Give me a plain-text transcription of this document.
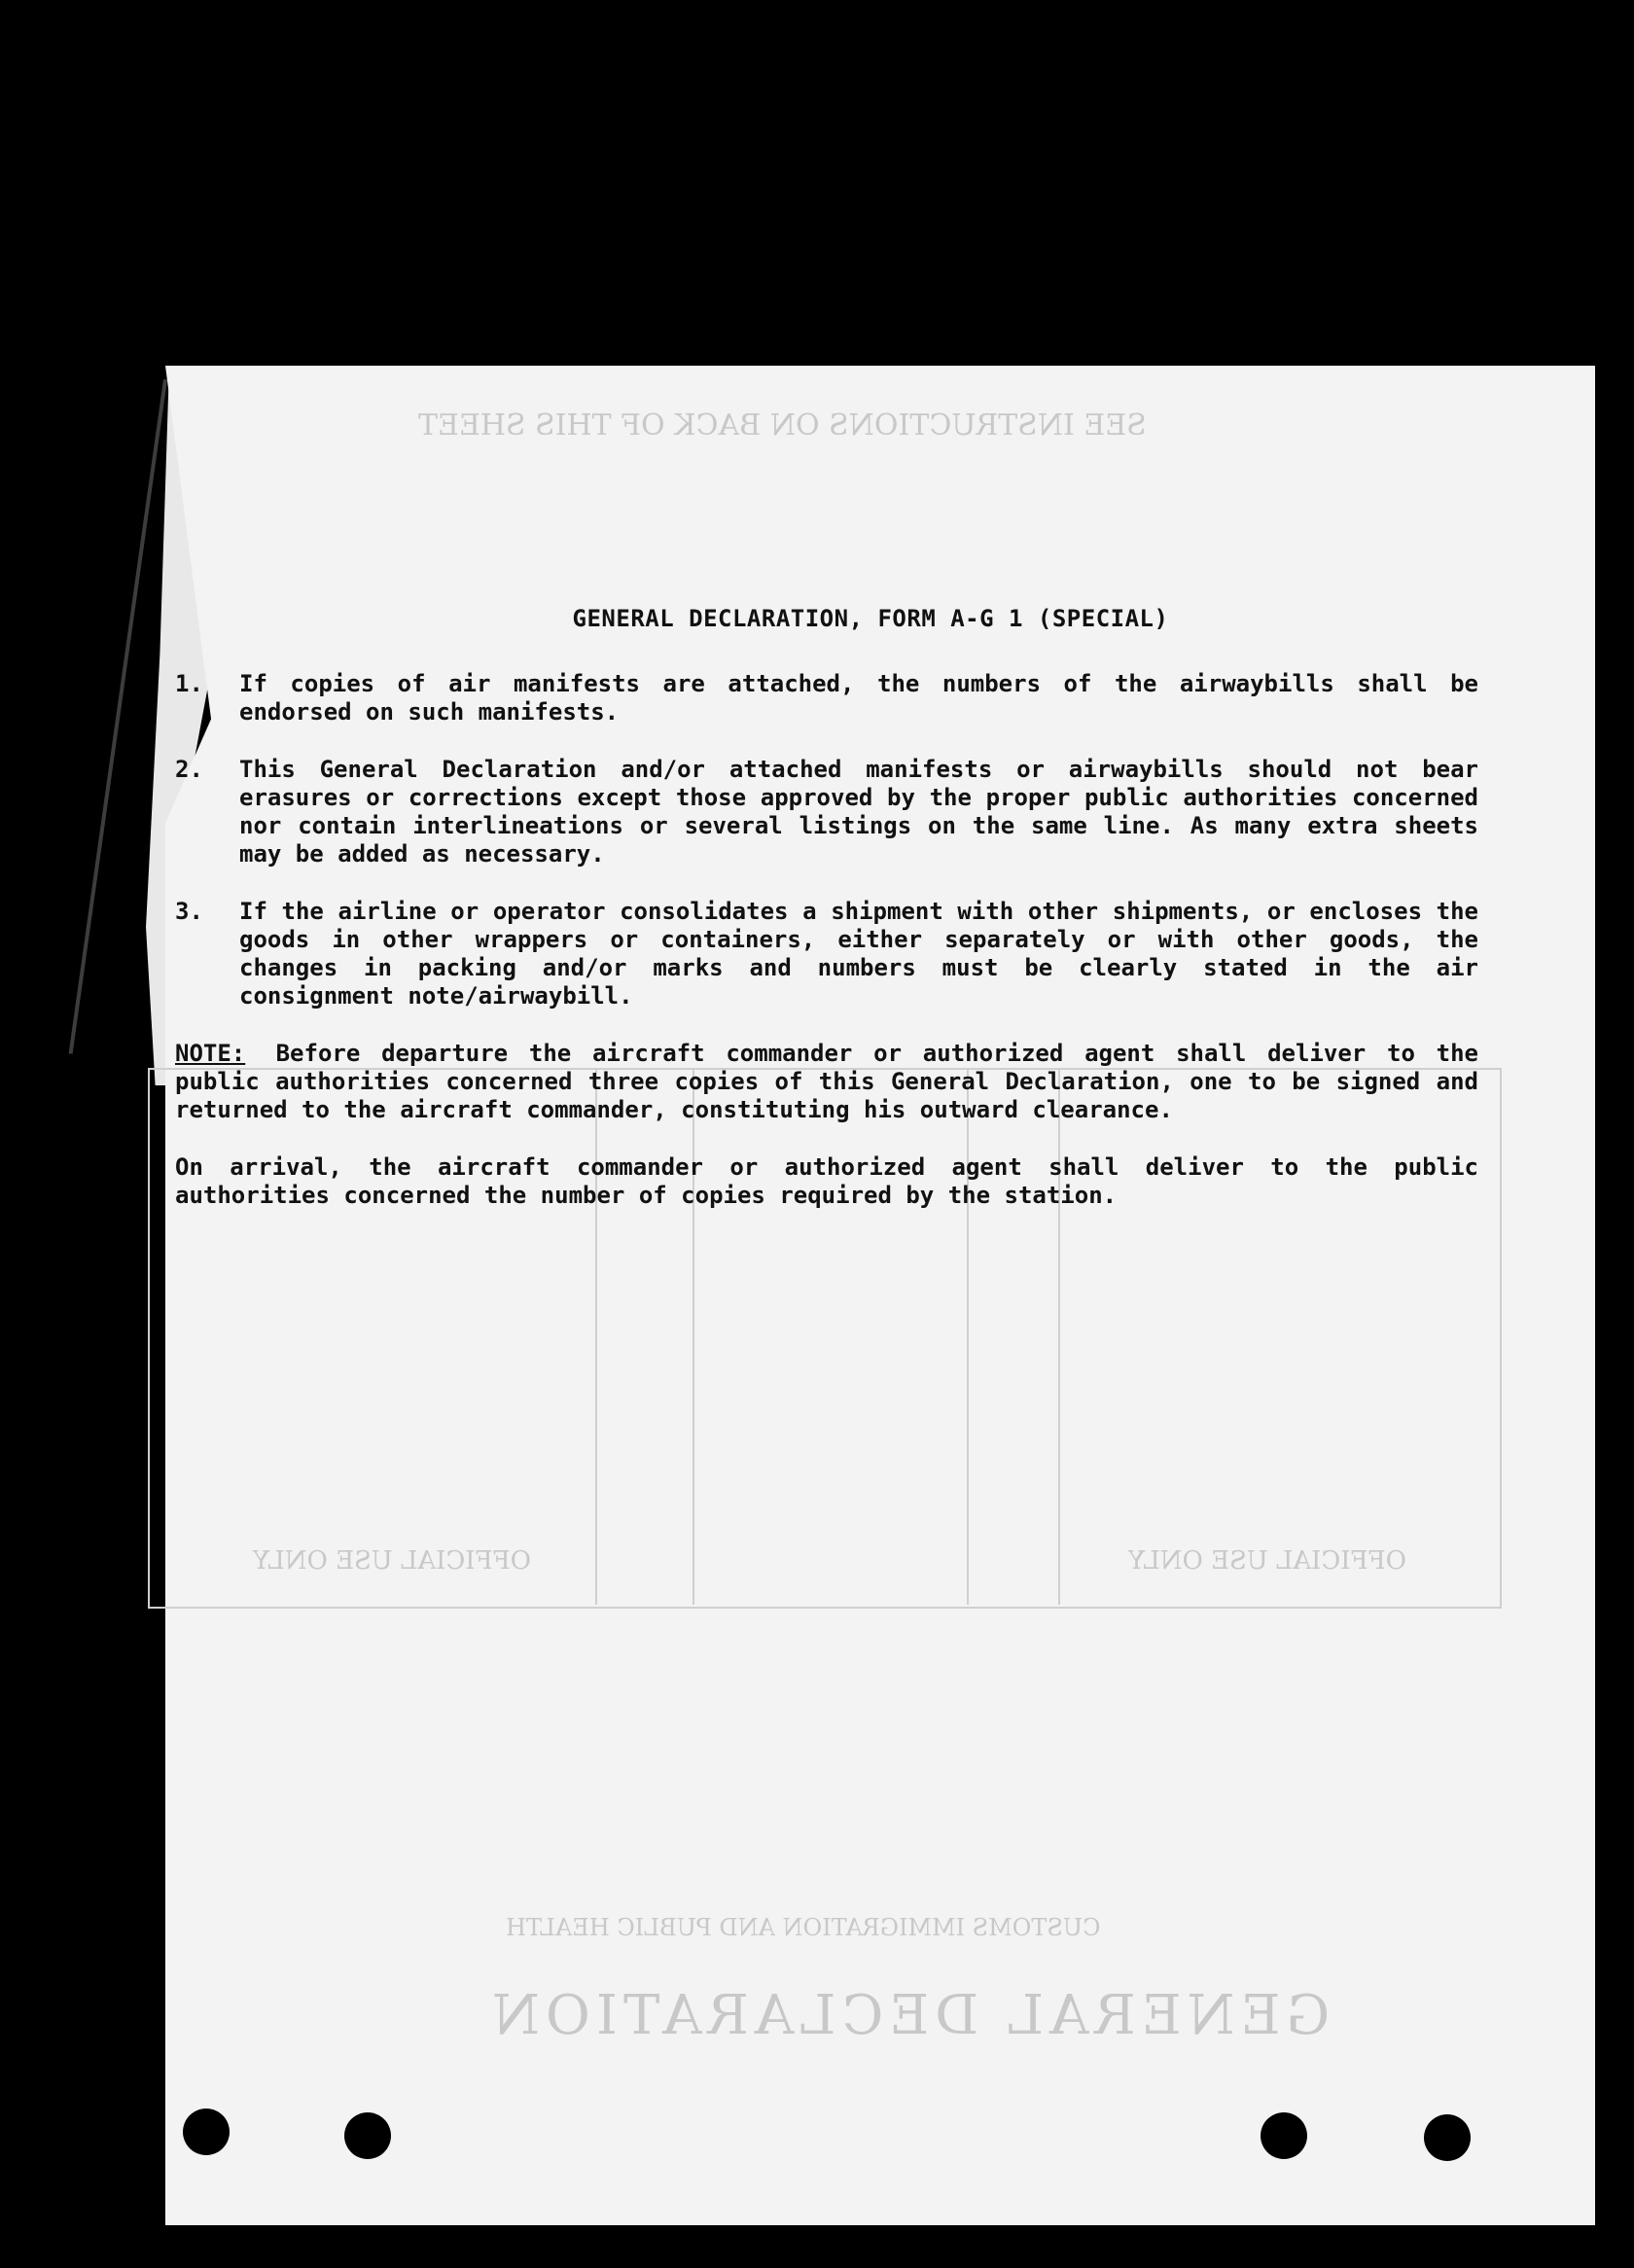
SEE INSTRUCTIONS ON BACK OF THIS SHEET
GENERAL DECLARATION
CUSTOMS IMMIGRATION AND PUBLIC HEALTH
OFFICIAL USE ONLY
OFFICIAL USE ONLY
GENERAL DECLARATION, FORM A-G 1 (SPECIAL)
1.	If copies of air manifests are attached, the numbers of the airwaybills shall be endorsed on such manifests.
2.	This General Declaration and/or attached manifests or airwaybills should not bear erasures or corrections except those approved by the proper public authorities concerned nor contain interlineations or several listings on the same line. As many extra sheets may be added as necessary.
3.	If the airline or operator consolidates a shipment with other shipments, or encloses the goods in other wrappers or containers, either separately or with other goods, the changes in packing and/or marks and numbers must be clearly stated in the air consignment note/airwaybill.
NOTE: Before departure the aircraft commander or authorized agent shall deliver to the public authorities concerned three copies of this General Declaration, one to be signed and returned to the aircraft commander, constituting his outward clearance.
On arrival, the aircraft commander or authorized agent shall deliver to the public authorities concerned the number of copies required by the station.
